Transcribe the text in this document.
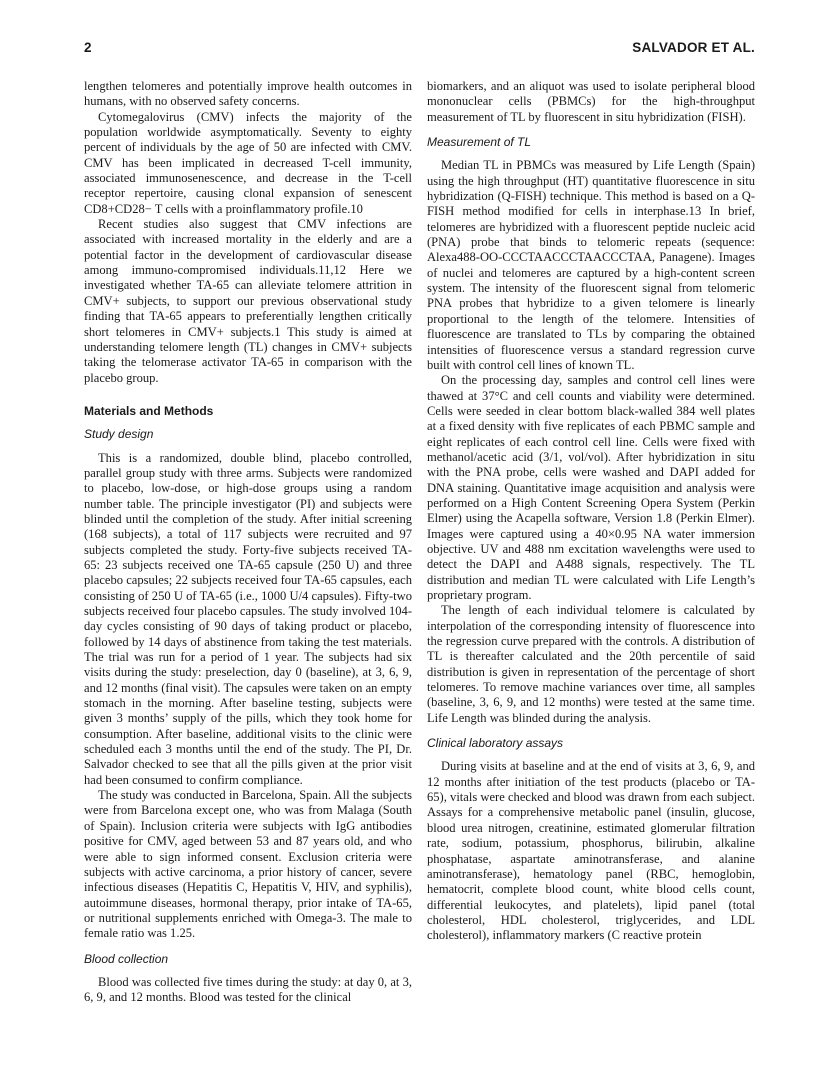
2	SALVADOR ET AL.

lengthen telomeres and potentially improve health outcomes in humans, with no observed safety concerns.

Cytomegalovirus (CMV) infects the majority of the population worldwide asymptomatically. Seventy to eighty percent of individuals by the age of 50 are infected with CMV. CMV has been implicated in decreased T-cell immunity, associated immunosenescence, and decrease in the T-cell receptor repertoire, causing clonal expansion of senescent CD8+CD28− T cells with a proinflammatory profile.10

Recent studies also suggest that CMV infections are associated with increased mortality in the elderly and are a potential factor in the development of cardiovascular disease among immuno-compromised individuals.11,12 Here we investigated whether TA-65 can alleviate telomere attrition in CMV+ subjects, to support our previous observational study finding that TA-65 appears to preferentially lengthen critically short telomeres in CMV+ subjects.1 This study is aimed at understanding telomere length (TL) changes in CMV+ subjects taking the telomerase activator TA-65 in comparison with the placebo group.

Materials and Methods
Study design

This is a randomized, double blind, placebo controlled, parallel group study with three arms. Subjects were randomized to placebo, low-dose, or high-dose groups using a random number table. The principle investigator (PI) and subjects were blinded until the completion of the study. After initial screening (168 subjects), a total of 117 subjects were recruited and 97 subjects completed the study. Forty-five subjects received TA-65: 23 subjects received one TA-65 capsule (250 U) and three placebo capsules; 22 subjects received four TA-65 capsules, each consisting of 250 U of TA-65 (i.e., 1000 U/4 capsules). Fifty-two subjects received four placebo capsules. The study involved 104-day cycles consisting of 90 days of taking product or placebo, followed by 14 days of abstinence from taking the test materials. The trial was run for a period of 1 year. The subjects had six visits during the study: preselection, day 0 (baseline), at 3, 6, 9, and 12 months (final visit). The capsules were taken on an empty stomach in the morning. After baseline testing, subjects were given 3 months’ supply of the pills, which they took home for consumption. After baseline, additional visits to the clinic were scheduled each 3 months until the end of the study. The PI, Dr. Salvador checked to see that all the pills given at the prior visit had been consumed to confirm compliance.

The study was conducted in Barcelona, Spain. All the subjects were from Barcelona except one, who was from Malaga (South of Spain). Inclusion criteria were subjects with IgG antibodies positive for CMV, aged between 53 and 87 years old, and who were able to sign informed consent. Exclusion criteria were subjects with active carcinoma, a prior history of cancer, severe infectious diseases (Hepatitis C, Hepatitis V, HIV, and syphilis), autoimmune diseases, hormonal therapy, prior intake of TA-65, or nutritional supplements enriched with Omega-3. The male to female ratio was 1.25.

Blood collection

Blood was collected five times during the study: at day 0, at 3, 6, 9, and 12 months. Blood was tested for the clinical

biomarkers, and an aliquot was used to isolate peripheral blood mononuclear cells (PBMCs) for the high-throughput measurement of TL by fluorescent in situ hybridization (FISH).

Measurement of TL

Median TL in PBMCs was measured by Life Length (Spain) using the high throughput (HT) quantitative fluorescence in situ hybridization (Q-FISH) technique. This method is based on a Q-FISH method modified for cells in interphase.13 In brief, telomeres are hybridized with a fluorescent peptide nucleic acid (PNA) probe that binds to telomeric repeats (sequence: Alexa488-OO-CCCTAACCCTAACCCTAA, Panagene). Images of nuclei and telomeres are captured by a high-content screen system. The intensity of the fluorescent signal from telomeric PNA probes that hybridize to a given telomere is linearly proportional to the length of the telomere. Intensities of fluorescence are translated to TLs by comparing the obtained intensities of fluorescence versus a standard regression curve built with control cell lines of known TL.

On the processing day, samples and control cell lines were thawed at 37°C and cell counts and viability were determined. Cells were seeded in clear bottom black-walled 384 well plates at a fixed density with five replicates of each PBMC sample and eight replicates of each control cell line. Cells were fixed with methanol/acetic acid (3/1, vol/vol). After hybridization in situ with the PNA probe, cells were washed and DAPI added for DNA staining. Quantitative image acquisition and analysis were performed on a High Content Screening Opera System (Perkin Elmer) using the Acapella software, Version 1.8 (Perkin Elmer). Images were captured using a 40×0.95 NA water immersion objective. UV and 488 nm excitation wavelengths were used to detect the DAPI and A488 signals, respectively. The TL distribution and median TL were calculated with Life Length’s proprietary program.

The length of each individual telomere is calculated by interpolation of the corresponding intensity of fluorescence into the regression curve prepared with the controls. A distribution of TL is thereafter calculated and the 20th percentile of said distribution is given in representation of the percentage of short telomeres. To remove machine variances over time, all samples (baseline, 3, 6, 9, and 12 months) were tested at the same time. Life Length was blinded during the analysis.

Clinical laboratory assays

During visits at baseline and at the end of visits at 3, 6, 9, and 12 months after initiation of the test products (placebo or TA-65), vitals were checked and blood was drawn from each subject. Assays for a comprehensive metabolic panel (insulin, glucose, blood urea nitrogen, creatinine, estimated glomerular filtration rate, sodium, potassium, phosphorus, bilirubin, alkaline phosphatase, aspartate aminotransferase, and alanine aminotransferase), hematology panel (RBC, hemoglobin, hematocrit, complete blood count, white blood cells count, differential leukocytes, and platelets), lipid panel (total cholesterol, HDL cholesterol, triglycerides, and LDL cholesterol), inflammatory markers (C reactive protein
